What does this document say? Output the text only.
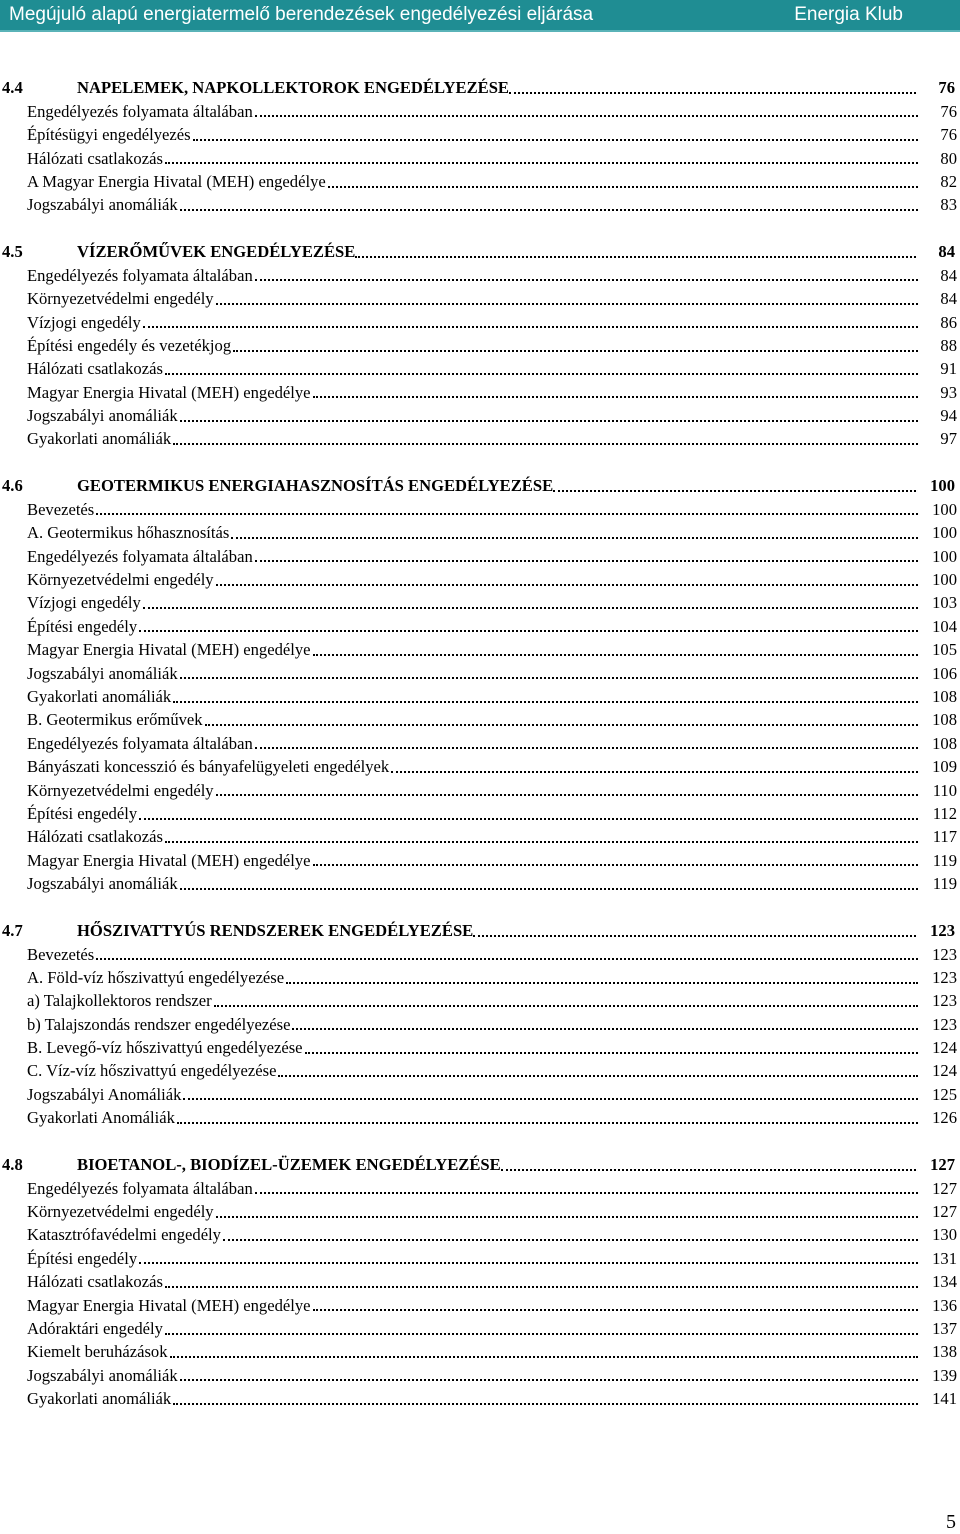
Megújuló alapú energiatermelő berendezések engedélyezési eljárása	Energia Klub
4.4	NAPELEMEK, NAPKOLLEKTOROK ENGEDÉLYEZÉSE	76
Engedélyezés folyamata általában	76
Építésügyi engedélyezés	76
Hálózati csatlakozás	80
A Magyar Energia Hivatal (MEH) engedélye	82
Jogszabályi anomáliák	83
4.5	VÍZERŐMŰVEK ENGEDÉLYEZÉSE	84
Engedélyezés folyamata általában	84
Környezetvédelmi engedély	84
Vízjogi engedély	86
Építési engedély és vezetékjog	88
Hálózati csatlakozás	91
Magyar Energia Hivatal (MEH) engedélye	93
Jogszabályi anomáliák	94
Gyakorlati anomáliák	97
4.6	GEOTERMIKUS ENERGIAHASZNOSÍTÁS ENGEDÉLYEZÉSE	100
Bevezetés	100
A. Geotermikus hőhasznosítás	100
Engedélyezés folyamata általában	100
Környezetvédelmi engedély	100
Vízjogi engedély	103
Építési engedély	104
Magyar Energia Hivatal (MEH) engedélye	105
Jogszabályi anomáliák	106
Gyakorlati anomáliák	108
B. Geotermikus erőművek	108
Engedélyezés folyamata általában	108
Bányászati koncesszió és bányafelügyeleti engedélyek	109
Környezetvédelmi engedély	110
Építési engedély	112
Hálózati csatlakozás	117
Magyar Energia Hivatal (MEH) engedélye	119
Jogszabályi anomáliák	119
4.7	HŐSZIVATTYÚS RENDSZEREK ENGEDÉLYEZÉSE	123
Bevezetés	123
A. Föld-víz hőszivattyú engedélyezése	123
a) Talajkollektoros rendszer	123
b) Talajszondás rendszer engedélyezése	123
B. Levegő-víz hőszivattyú engedélyezése	124
C. Víz-víz hőszivattyú engedélyezése	124
Jogszabályi Anomáliák	125
Gyakorlati Anomáliák	126
4.8	BIOETANOL-, BIODÍZEL-ÜZEMEK ENGEDÉLYEZÉSE	127
Engedélyezés folyamata általában	127
Környezetvédelmi engedély	127
Katasztrófavédelmi engedély	130
Építési engedély	131
Hálózati csatlakozás	134
Magyar Energia Hivatal (MEH) engedélye	136
Adóraktári engedély	137
Kiemelt beruházások	138
Jogszabályi anomáliák	139
Gyakorlati anomáliák	141
5
